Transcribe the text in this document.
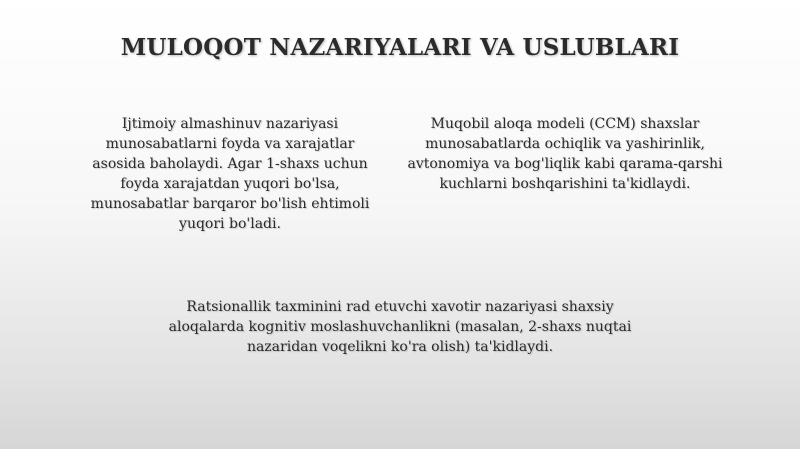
MULOQOT NAZARIYALARI VA USLUBLARI
Ijtimoiy almashinuv nazariyasi munosabatlarni foyda va xarajatlar asosida baholaydi. Agar 1-shaxs uchun foyda xarajatdan yuqori bo'lsa, munosabatlar barqaror bo'lish ehtimoli yuqori bo'ladi.
Muqobil aloqa modeli (CCM) shaxslar munosabatlarda ochiqlik va yashirinlik, avtonomiya va bog'liqlik kabi qarama-qarshi kuchlarni boshqarishini ta'kidlaydi.
Ratsionallik taxminini rad etuvchi xavotir nazariyasi shaxsiy aloqalarda kognitiv moslashuvchanlikni (masalan, 2-shaxs nuqtai nazaridan voqelikni ko'ra olish) ta'kidlaydi.
